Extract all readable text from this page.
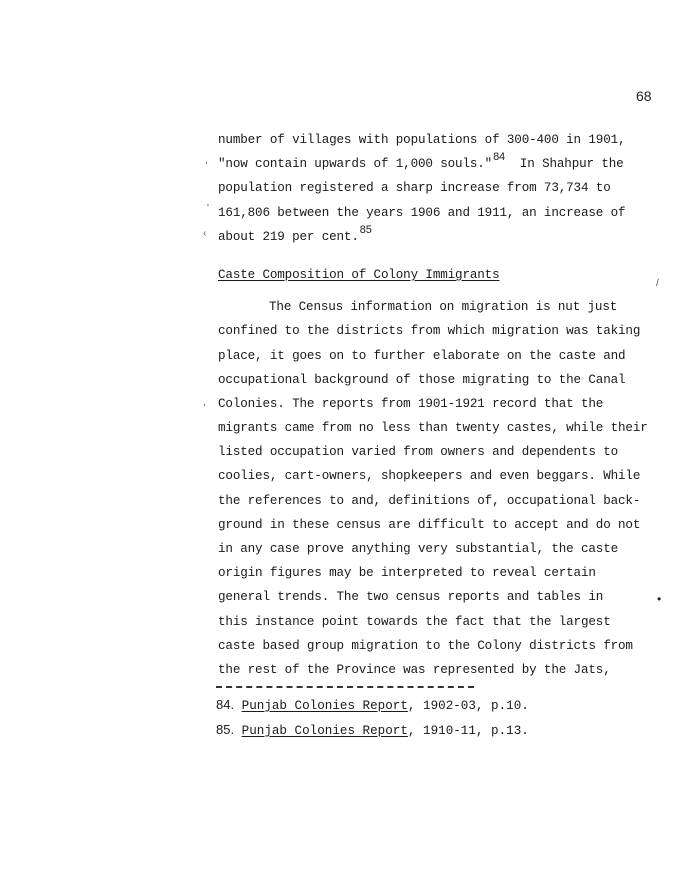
68
number of villages with populations of 300-400 in 1901,
"now contain upwards of 1,000 souls."$^{84}$ In Shahpur the
population registered a sharp increase from 73,734 to
161,806 between the years 1906 and 1911, an increase of
about 219 per cent.$^{85}$
Caste Composition of Colony Immigrants
The Census information on migration is nut just
confined to the districts from which migration was taking
place, it goes on to further elaborate on the caste and
occupational background of those migrating to the Canal
Colonies. The reports from 1901-1921 record that the
migrants came from no less than twenty castes, while their
listed occupation varied from owners and dependents to
coolies, cart-owners, shopkeepers and even beggars. While
the references to and, definitions of, occupational back-
ground in these census are difficult to accept and do not
in any case prove anything very substantial, the caste
origin figures may be interpreted to reveal certain
general trends. The two census reports and tables in
this instance point towards the fact that the largest
caste based group migration to the Colony districts from
the rest of the Province was represented by the Jats,
84. Punjab Colonies Report, 1902-03, p.10.
85. Punjab Colonies Report, 1910-11, p.13.
,
'
‹
,
/
•
